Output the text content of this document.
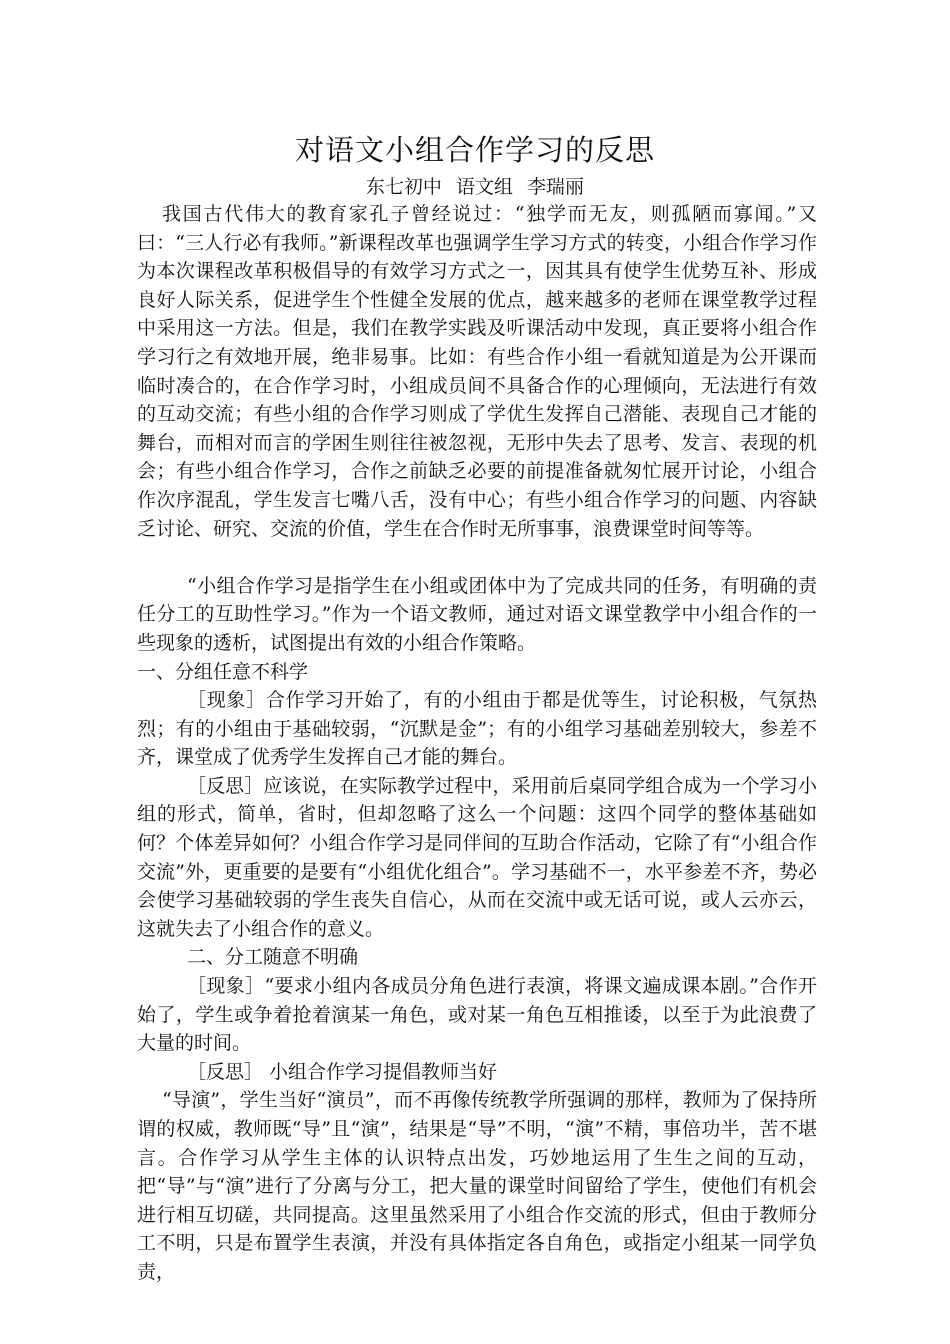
对语文小组合作学习的反思
东七初中 语文组 李瑞丽

我国古代伟大的教育家孔子曾经说过：“独学而无友，则孤陋而寡闻。”又曰：“三人行必有我师。”新课程改革也强调学生学习方式的转变，小组合作学习作为本次课程改革积极倡导的有效学习方式之一，因其具有使学生优势互补、形成良好人际关系，促进学生个性健全发展的优点，越来越多的老师在课堂教学过程中采用这一方法。但是，我们在教学实践及听课活动中发现，真正要将小组合作学习行之有效地开展，绝非易事。比如：有些合作小组一看就知道是为公开课而临时凑合的，在合作学习时，小组成员间不具备合作的心理倾向，无法进行有效的互动交流；有些小组的合作学习则成了学优生发挥自己潜能、表现自己才能的舞台，而相对而言的学困生则往往被忽视，无形中失去了思考、发言、表现的机会；有些小组合作学习，合作之前缺乏必要的前提准备就匆忙展开讨论，小组合作次序混乱，学生发言七嘴八舌，没有中心；有些小组合作学习的问题、内容缺乏讨论、研究、交流的价值，学生在合作时无所事事，浪费课堂时间等等。

“小组合作学习是指学生在小组或团体中为了完成共同的任务，有明确的责任分工的互助性学习。”作为一个语文教师，通过对语文课堂教学中小组合作的一些现象的透析，试图提出有效的小组合作策略。

一、分组任意不科学

［现象］合作学习开始了，有的小组由于都是优等生，讨论积极，气氛热烈；有的小组由于基础较弱，“沉默是金”；有的小组学习基础差别较大，参差不齐，课堂成了优秀学生发挥自己才能的舞台。

［反思］应该说，在实际教学过程中，采用前后桌同学组合成为一个学习小组的形式，简单，省时，但却忽略了这么一个问题：这四个同学的整体基础如何？个体差异如何？小组合作学习是同伴间的互助合作活动，它除了有“小组合作交流”外，更重要的是要有“小组优化组合”。学习基础不一，水平参差不齐，势必会使学习基础较弱的学生丧失自信心，从而在交流中或无话可说，或人云亦云，这就失去了小组合作的意义。

二、分工随意不明确

［现象］“要求小组内各成员分角色进行表演，将课文遍成课本剧。”合作开始了，学生或争着抢着演某一角色，或对某一角色互相推诿，以至于为此浪费了大量的时间。

［反思］ 小组合作学习提倡教师当好

“导演”，学生当好“演员”，而不再像传统教学所强调的那样，教师为了保持所谓的权威，教师既“导”且“演”，结果是“导”不明，“演”不精，事倍功半，苦不堪言。合作学习从学生主体的认识特点出发，巧妙地运用了生生之间的互动，把“导”与“演”进行了分离与分工，把大量的课堂时间留给了学生，使他们有机会进行相互切磋，共同提高。这里虽然采用了小组合作交流的形式，但由于教师分工不明，只是布置学生表演，并没有具体指定各自角色，或指定小组某一同学负责，
